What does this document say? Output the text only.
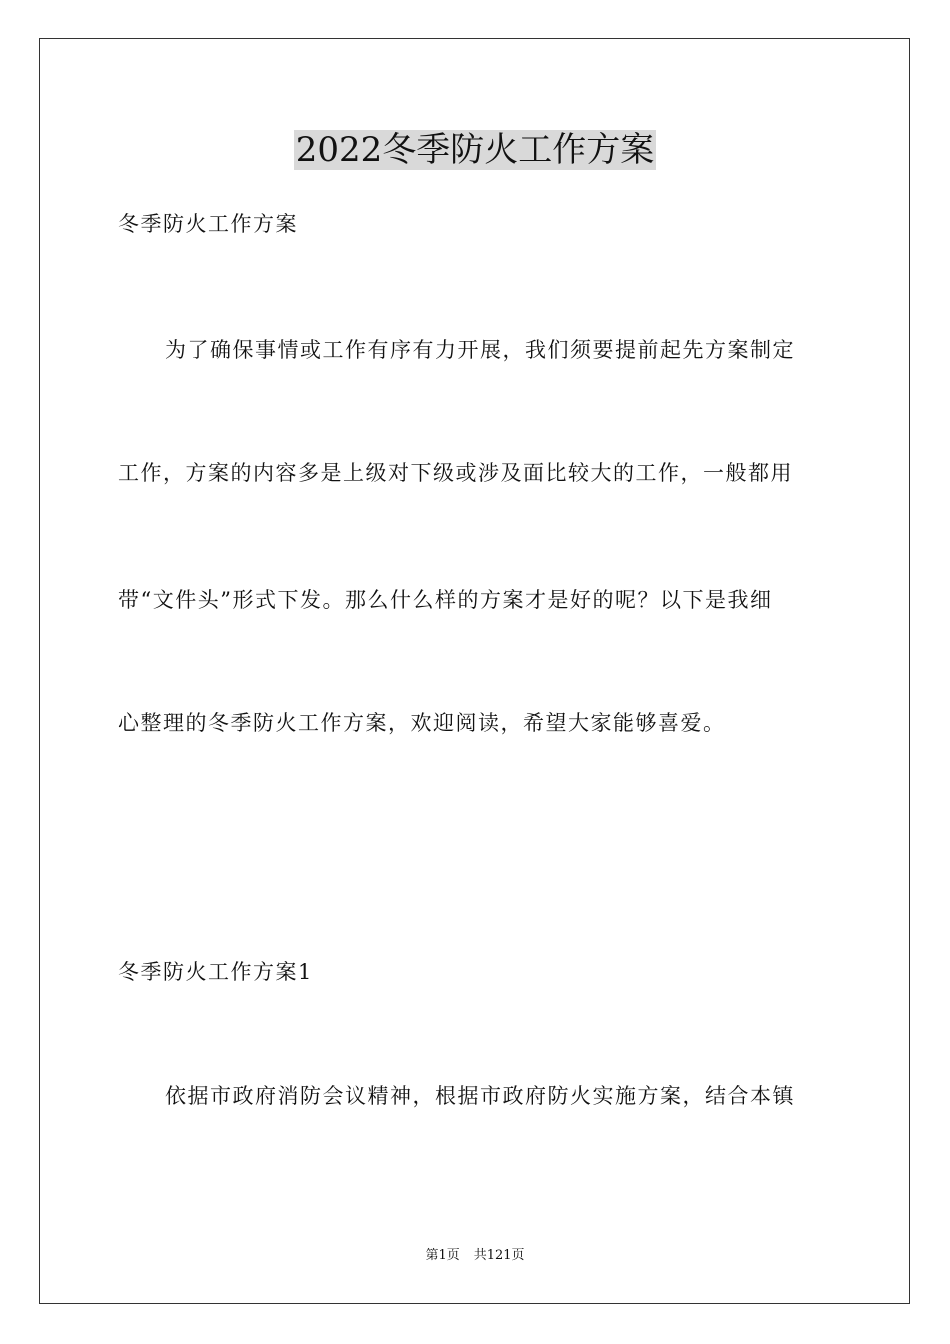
2022冬季防火工作方案
冬季防火工作方案
为了确保事情或工作有序有力开展，我们须要提前起先方案制定
工作，方案的内容多是上级对下级或涉及面比较大的工作，一般都用
带“文件头”形式下发。那么什么样的方案才是好的呢？以下是我细
心整理的冬季防火工作方案，欢迎阅读，希望大家能够喜爱。
冬季防火工作方案1
依据市政府消防会议精神，根据市政府防火实施方案，结合本镇
第1页 共121页
